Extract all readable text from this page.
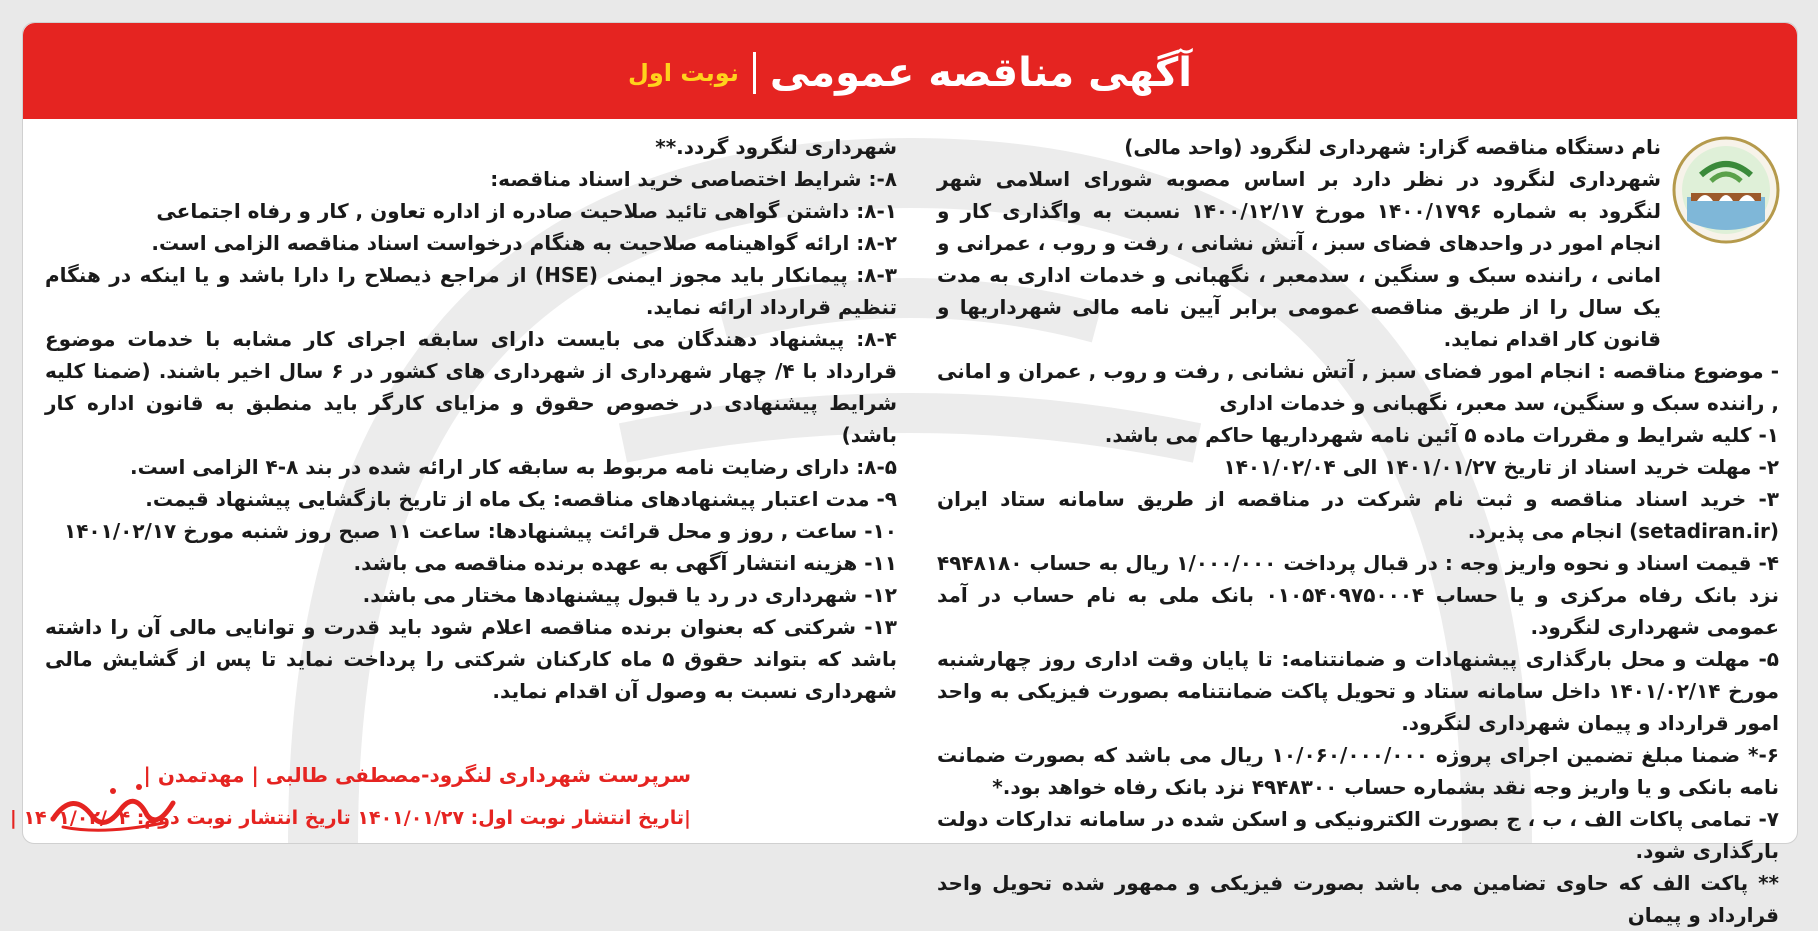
آگهی مناقصه عمومی
نوبت اول

نام دستگاه مناقصه گزار: شهرداری لنگرود (واحد مالی)

شهرداری لنگرود در نظر دارد بر اساس مصوبه شورای اسلامی شهر لنگرود به شماره ۱۴۰۰/۱۷۹۶ مورخ ۱۴۰۰/۱۲/۱۷ نسبت به واگذاری کار و انجام امور در واحدهای فضای سبز ، آتش نشانی ، رفت و روب ، عمرانی و امانی ، راننده سبک و سنگین ، سدمعبر ، نگهبانی و خدمات اداری به مدت یک سال را از طریق مناقصه عمومی برابر آیین نامه مالی شهرداریها و قانون کار اقدام نماید.

- موضوع مناقصه : انجام امور فضای سبز , آتش نشانی , رفت و روب , عمران و امانی , راننده سبک و سنگین، سد معبر، نگهبانی و خدمات اداری

۱- کلیه شرایط و مقررات ماده ۵ آئین نامه شهرداریها حاکم می باشد.

۲- مهلت خرید اسناد از تاریخ ۱۴۰۱/۰۱/۲۷ الی ۱۴۰۱/۰۲/۰۴

۳- خرید اسناد مناقصه و ثبت نام شرکت در مناقصه از طریق سامانه ستاد ایران (setadiran.ir) انجام می پذیرد.

۴- قیمت اسناد و نحوه واریز وجه : در قبال پرداخت ۱/۰۰۰/۰۰۰ ریال به حساب ۴۹۴۸۱۸۰ نزد بانک رفاه مرکزی و یا حساب ۰۱۰۵۴۰۹۷۵۰۰۰۴ بانک ملی به نام حساب در آمد عمومی شهرداری لنگرود.

۵- مهلت و محل بارگذاری پیشنهادات و ضمانتنامه: تا پایان وقت اداری روز چهارشنبه مورخ ۱۴۰۱/۰۲/۱۴ داخل سامانه ستاد و تحویل پاکت ضمانتنامه بصورت فیزیکی به واحد امور قرارداد و پیمان شهرداری لنگرود.

۶-* ضمنا مبلغ تضمین اجرای پروژه ۱۰/۰۶۰/۰۰۰/۰۰۰ ریال می باشد که بصورت ضمانت نامه بانکی و یا واریز وجه نقد بشماره حساب ۴۹۴۸۳۰۰ نزد بانک رفاه خواهد بود.*

۷- تمامی پاکات الف ، ب ، ج بصورت الکترونیکی و اسکن شده در سامانه تدارکات دولت بارگذاری شود.

** پاکت الف که حاوی تضامین می باشد بصورت فیزیکی و ممهور شده تحویل واحد قرارداد و پیمان

شهرداری لنگرود گردد.**

۸-: شرایط اختصاصی خرید اسناد مناقصه:

۸-۱: داشتن گواهی تائید صلاحیت صادره از اداره تعاون , کار و رفاه اجتماعی

۸-۲: ارائه گواهینامه صلاحیت به هنگام درخواست اسناد مناقصه الزامی است.

۸-۳: پیمانکار باید مجوز ایمنی (HSE) از مراجع ذیصلاح را دارا باشد و یا اینکه در هنگام تنظیم قرارداد ارائه نماید.

۸-۴: پیشنهاد دهندگان می بایست دارای سابقه اجرای کار مشابه با خدمات موضوع قرارداد با ۴/ چهار شهرداری از شهرداری های کشور در ۶ سال اخیر باشند. (ضمنا کلیه شرایط پیشنهادی در خصوص حقوق و مزایای کارگر باید منطبق به قانون اداره کار باشد)

۸-۵: دارای رضایت نامه مربوط به سابقه کار ارائه شده در بند ۸-۴ الزامی است.

۹- مدت اعتبار پیشنهادهای مناقصه: یک ماه از تاریخ بازگشایی پیشنهاد قیمت.

۱۰- ساعت , روز و محل قرائت پیشنهادها: ساعت ۱۱ صبح روز شنبه مورخ ۱۴۰۱/۰۲/۱۷

۱۱- هزینه انتشار آگهی به عهده برنده مناقصه می باشد.

۱۲- شهرداری در رد یا قبول پیشنهادها مختار می باشد.

۱۳- شرکتی که بعنوان برنده مناقصه اعلام شود باید قدرت و توانایی مالی آن را داشته باشد که بتواند حقوق ۵ ماه کارکنان شرکتی را پرداخت نماید تا پس از گشایش مالی شهرداری نسبت به وصول آن اقدام نماید.

سرپرست شهرداری لنگرود-مصطفی طالبی | مهدتمدن |
|تاریخ انتشار نوبت اول: ۱۴۰۱/۰۱/۲۷ تاریخ انتشار نوبت دوم: ۱۴۰۱/۰۲/۰۴ |
